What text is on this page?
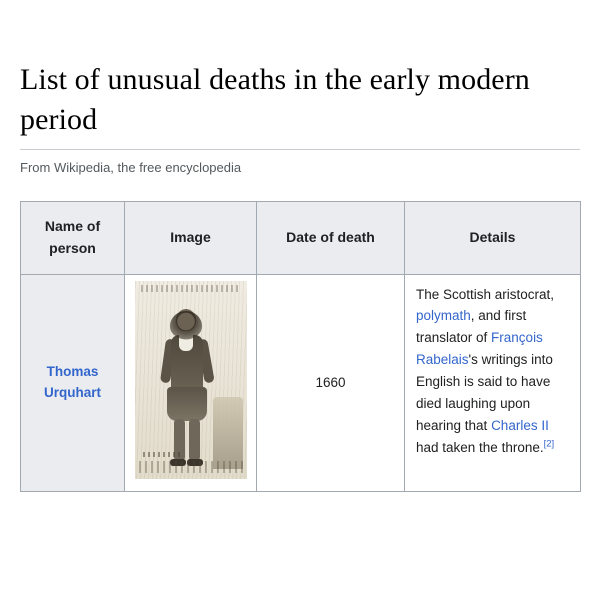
List of unusual deaths in the early modern period

From Wikipedia, the free encyclopedia

Name of person	Image	Date of death	Details
Thomas Urquhart		1660	The Scottish aristocrat, polymath, and first translator of François Rabelais's writings into English is said to have died laughing upon hearing that Charles II had taken the throne.[2]
